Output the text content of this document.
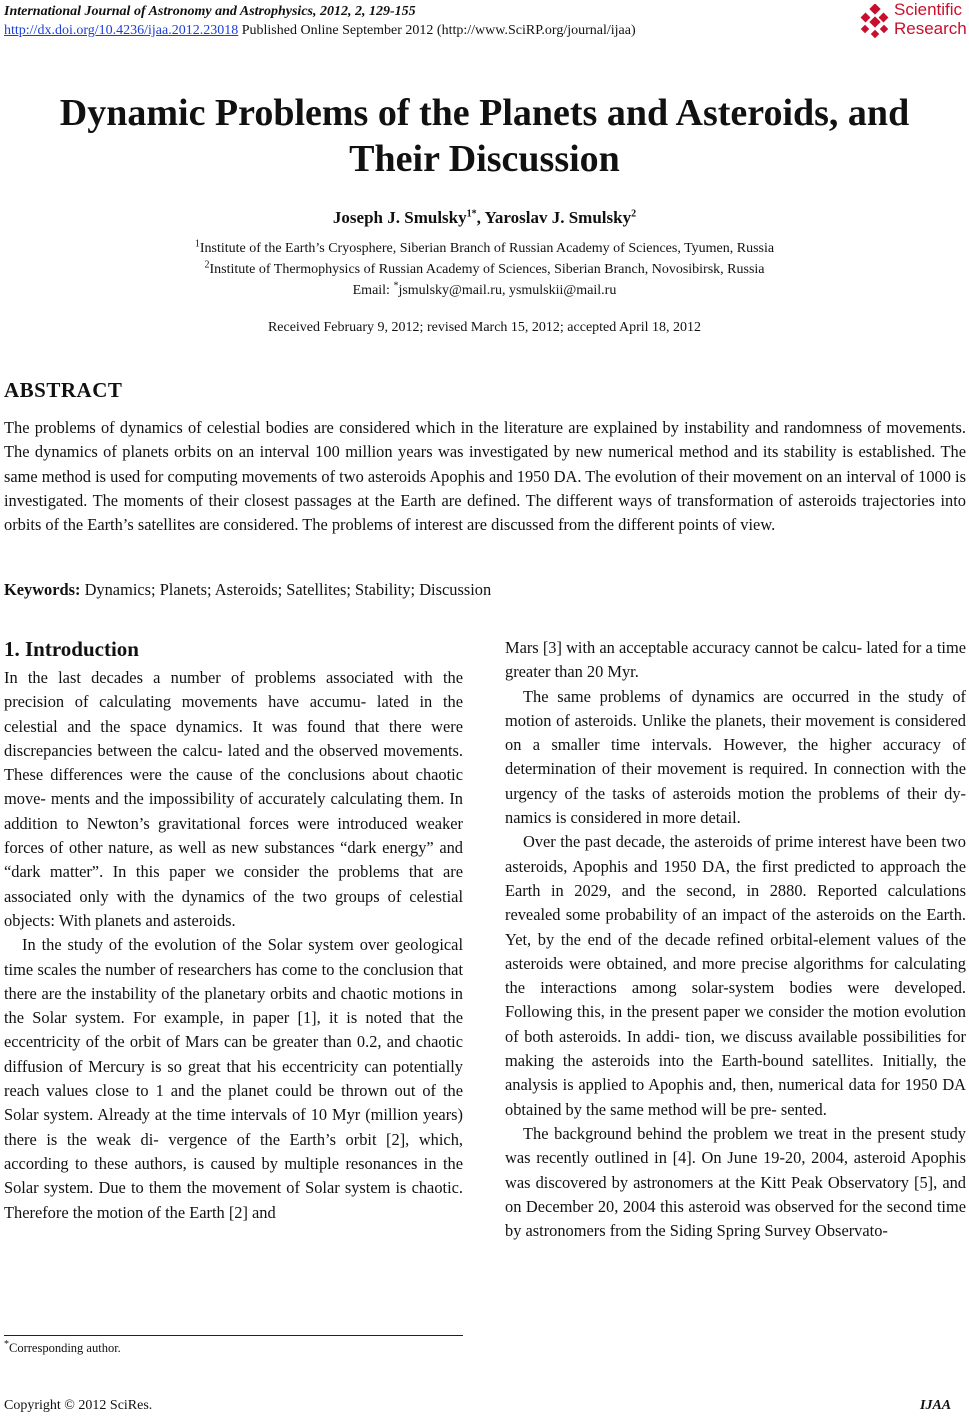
International Journal of Astronomy and Astrophysics, 2012, 2, 129-155
http://dx.doi.org/10.4236/ijaa.2012.23018 Published Online September 2012 (http://www.SciRP.org/journal/ijaa)
Scientific
Research
Dynamic Problems of the Planets and Asteroids, and
Their Discussion
Joseph J. Smulsky$^{1*}$, Yaroslav J. Smulsky$^2$
$^1$Institute of the Earth’s Cryosphere, Siberian Branch of Russian Academy of Sciences, Tyumen, Russia
$^2$Institute of Thermophysics of Russian Academy of Sciences, Siberian Branch, Novosibirsk, Russia
Email: *jsmulsky@mail.ru, ysmulskii@mail.ru
Received February 9, 2012; revised March 15, 2012; accepted April 18, 2012
ABSTRACT
The problems of dynamics of celestial bodies are considered which in the literature are explained by instability and randomness of movements. The dynamics of planets orbits on an interval 100 million years was investigated by new numerical method and its stability is established. The same method is used for computing movements of two asteroids Apophis and 1950 DA. The evolution of their movement on an interval of 1000 is investigated. The moments of their closest passages at the Earth are defined. The different ways of transformation of asteroids trajectories into orbits of the Earth’s satellites are considered. The problems of interest are discussed from the different points of view.
Keywords: Dynamics; Planets; Asteroids; Satellites; Stability; Discussion
1. Introduction

In the last decades a number of problems associated with the precision of calculating movements have accumu- lated in the celestial and the space dynamics. It was found that there were discrepancies between the calcu- lated and the observed movements. These differences were the cause of the conclusions about chaotic move- ments and the impossibility of accurately calculating them. In addition to Newton’s gravitational forces were introduced weaker forces of other nature, as well as new substances “dark energy” and “dark matter”. In this paper we consider the problems that are associated only with the dynamics of the two groups of celestial objects: With planets and asteroids.

In the study of the evolution of the Solar system over geological time scales the number of researchers has come to the conclusion that there are the instability of the planetary orbits and chaotic motions in the Solar system. For example, in paper [1], it is noted that the eccentricity of the orbit of Mars can be greater than 0.2, and chaotic diffusion of Mercury is so great that his eccentricity can potentially reach values close to 1 and the planet could be thrown out of the Solar system. Already at the time intervals of 10 Myr (million years) there is the weak di- vergence of the Earth’s orbit [2], which, according to these authors, is caused by multiple resonances in the Solar system. Due to them the movement of Solar system is chaotic. Therefore the motion of the Earth [2] and

Mars [3] with an acceptable accuracy cannot be calcu- lated for a time greater than 20 Myr.

The same problems of dynamics are occurred in the study of motion of asteroids. Unlike the planets, their movement is considered on a smaller time intervals. However, the higher accuracy of determination of their movement is required. In connection with the urgency of the tasks of asteroids motion the problems of their dy- namics is considered in more detail.

Over the past decade, the asteroids of prime interest have been two asteroids, Apophis and 1950 DA, the first predicted to approach the Earth in 2029, and the second, in 2880. Reported calculations revealed some probability of an impact of the asteroids on the Earth. Yet, by the end of the decade refined orbital-element values of the asteroids were obtained, and more precise algorithms for calculating the interactions among solar-system bodies were developed. Following this, in the present paper we consider the motion evolution of both asteroids. In addi- tion, we discuss available possibilities for making the asteroids into the Earth-bound satellites. Initially, the analysis is applied to Apophis and, then, numerical data for 1950 DA obtained by the same method will be pre- sented.

The background behind the problem we treat in the present study was recently outlined in [4]. On June 19-20, 2004, asteroid Apophis was discovered by astronomers at the Kitt Peak Observatory [5], and on December 20, 2004 this asteroid was observed for the second time by astronomers from the Siding Spring Survey Observato-

*Corresponding author.
Copyright © 2012 SciRes.	IJAA
